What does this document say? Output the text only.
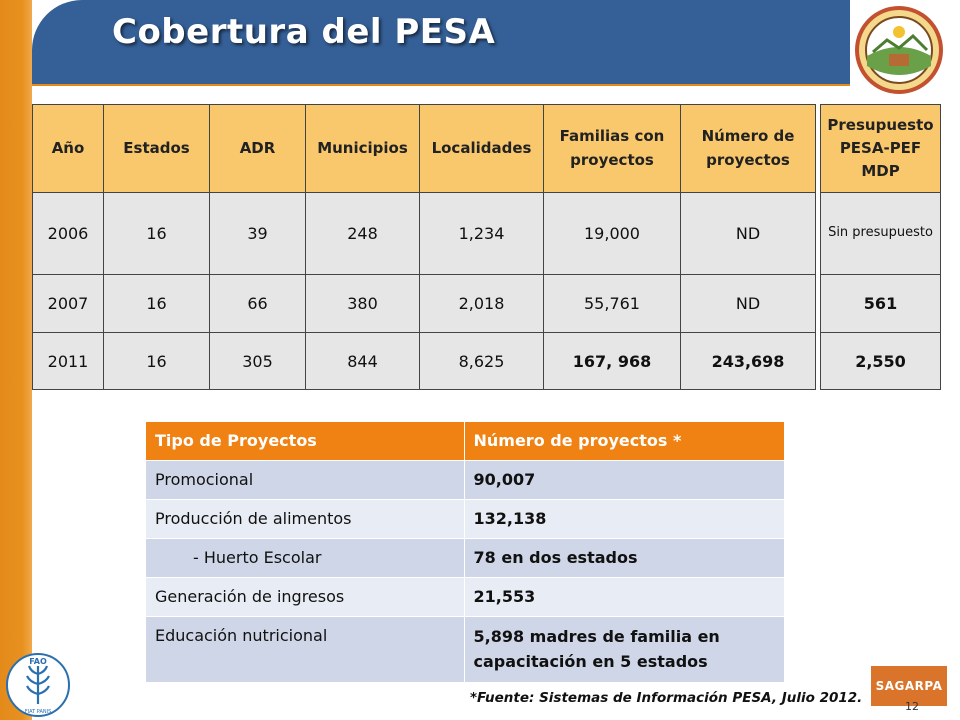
Cobertura del PESA
Año	Estados	ADR	Municipios	Localidades	Familias con proyectos	Número de proyectos		Presupuesto PESA-PEF MDP
2006	16	39	248	1,234	19,000	ND		Sin presupuesto
2007	16	66	380	2,018	55,761	ND		561
2011	16	305	844	8,625	167, 968	243,698		2,550
Tipo de Proyectos	Número de proyectos *
Promocional	90,007
Producción de alimentos	132,138
- Huerto Escolar	78 en dos estados
Generación de ingresos	21,553
Educación nutricional	5,898 madres de familia en capacitación en 5 estados
FAO
FIAT PANIS
*Fuente: Sistemas de Información PESA, Julio 2012.
SAGARPA
12
